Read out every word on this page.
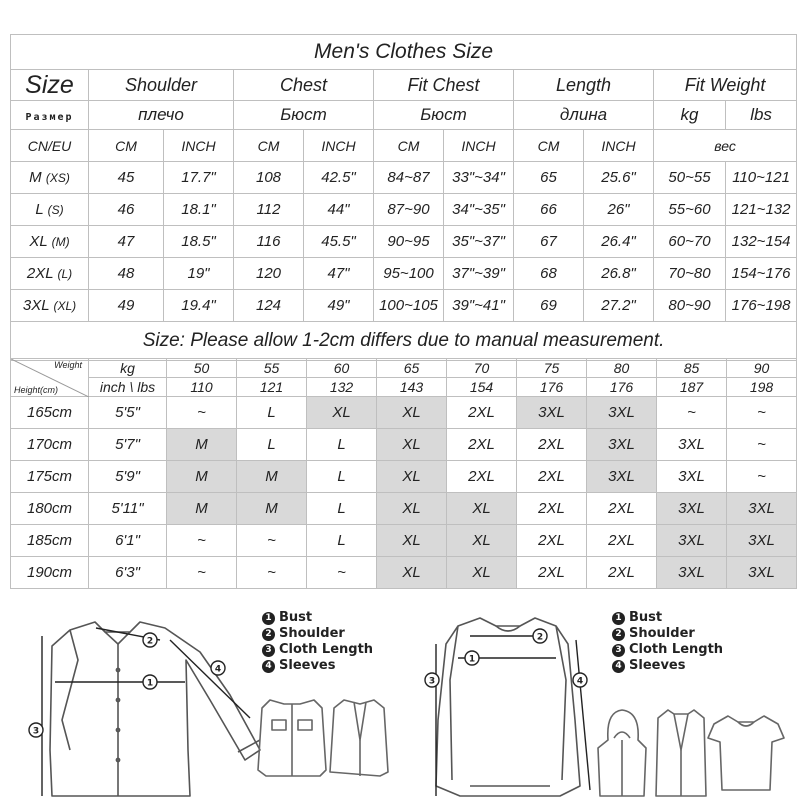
Men's Clothes Size										
Size	Shoulder		Chest		Fit Chest		Length		Fit Weight	
Размер	плечо		Бюст		Бюст		длина		kg	lbs
CN/EU	CM	INCH	CM	INCH	CM	INCH	CM	INCH	вес	
M (XS)	45	17.7"	108	42.5"	84~87	33"~34"	65	25.6"	50~55	110~121
L (S)	46	18.1"	112	44"	87~90	34"~35"	66	26"	55~60	121~132
XL (M)	47	18.5"	116	45.5"	90~95	35"~37"	67	26.4"	60~70	132~154
2XL (L)	48	19"	120	47"	95~100	37"~39"	68	26.8"	70~80	154~176
3XL (XL)	49	19.4"	124	49"	100~105	39"~41"	69	27.2"	80~90	176~198
Size: Please allow 1-2cm differs due to manual measurement.										
Weight
Height(cm)	kg	50	55	60	65	70	75	80	85	90
	inch \ lbs	110	121	132	143	154	176	176	187	198
165cm	5'5"	~	L	XL	XL	2XL	3XL	3XL	~	~
170cm	5'7"	M	L	L	XL	2XL	2XL	3XL	3XL	~
175cm	5'9"	M	M	L	XL	2XL	2XL	3XL	3XL	~
180cm	5'11"	M	M	L	XL	XL	2XL	2XL	3XL	3XL
185cm	6'1"	~	~	L	XL	XL	2XL	2XL	3XL	3XL
190cm	6'3"	~	~	~	XL	XL	2XL	2XL	3XL	3XL
1
2
3
4
1
2
3	4
1 Bust
2 Shoulder
3 Cloth Length
4 Sleeves
1 Bust
2 Shoulder
3 Cloth Length
4 Sleeves
